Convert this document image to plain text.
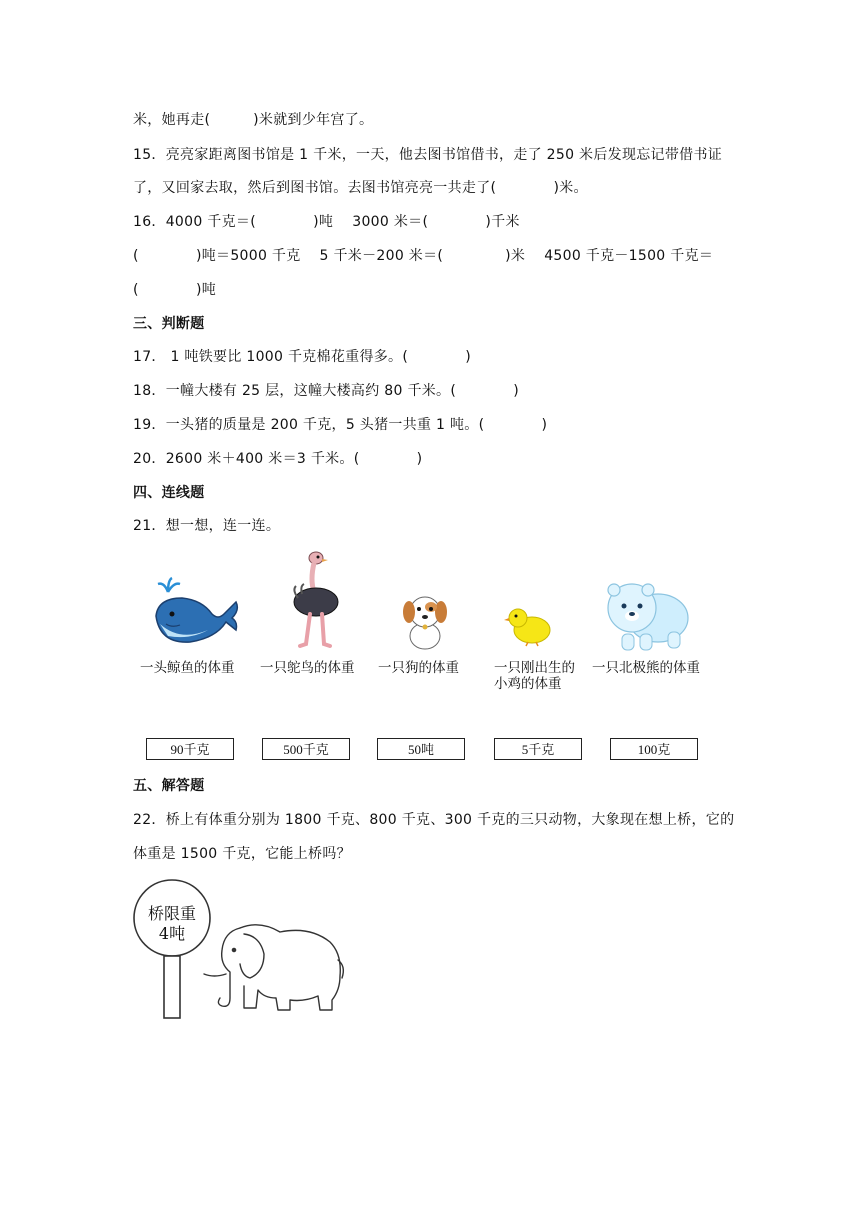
米，她再走(　　　)米就到少年宫了。
15．亮亮家距离图书馆是 1 千米，一天，他去图书馆借书，走了 250 米后发现忘记带借书证
了，又回家去取，然后到图书馆。去图书馆亮亮一共走了(　　　　)米。
16．4000 千克＝(　　　　)吨　 3000 米＝(　　　　)千米
(　　　　)吨＝5000 千克　 5 千米－200 米＝(　　　　 )米　 4500 千克－1500 千克＝
(　　　　)吨
三、判断题
17． 1 吨铁要比 1000 千克棉花重得多。(　　　　)
18．一幢大楼有 25 层，这幢大楼高约 80 千米。(　　　　)
19．一头猪的质量是 200 千克，5 头猪一共重 1 吨。(　　　　)
20．2600 米＋400 米＝3 千米。(　　　　)
四、连线题
21．想一想，连一连。
一头鲸鱼的体重 一只鸵鸟的体重 一只狗的体重	一只刚出生的
小鸡的体重
一只北极熊的体重
90千克	500千克	50吨	5千克	100克
五、解答题
22．桥上有体重分别为 1800 千克、800 千克、300 千克的三只动物，大象现在想上桥，它的
体重是 1500 千克，它能上桥吗？
桥限重
4吨
